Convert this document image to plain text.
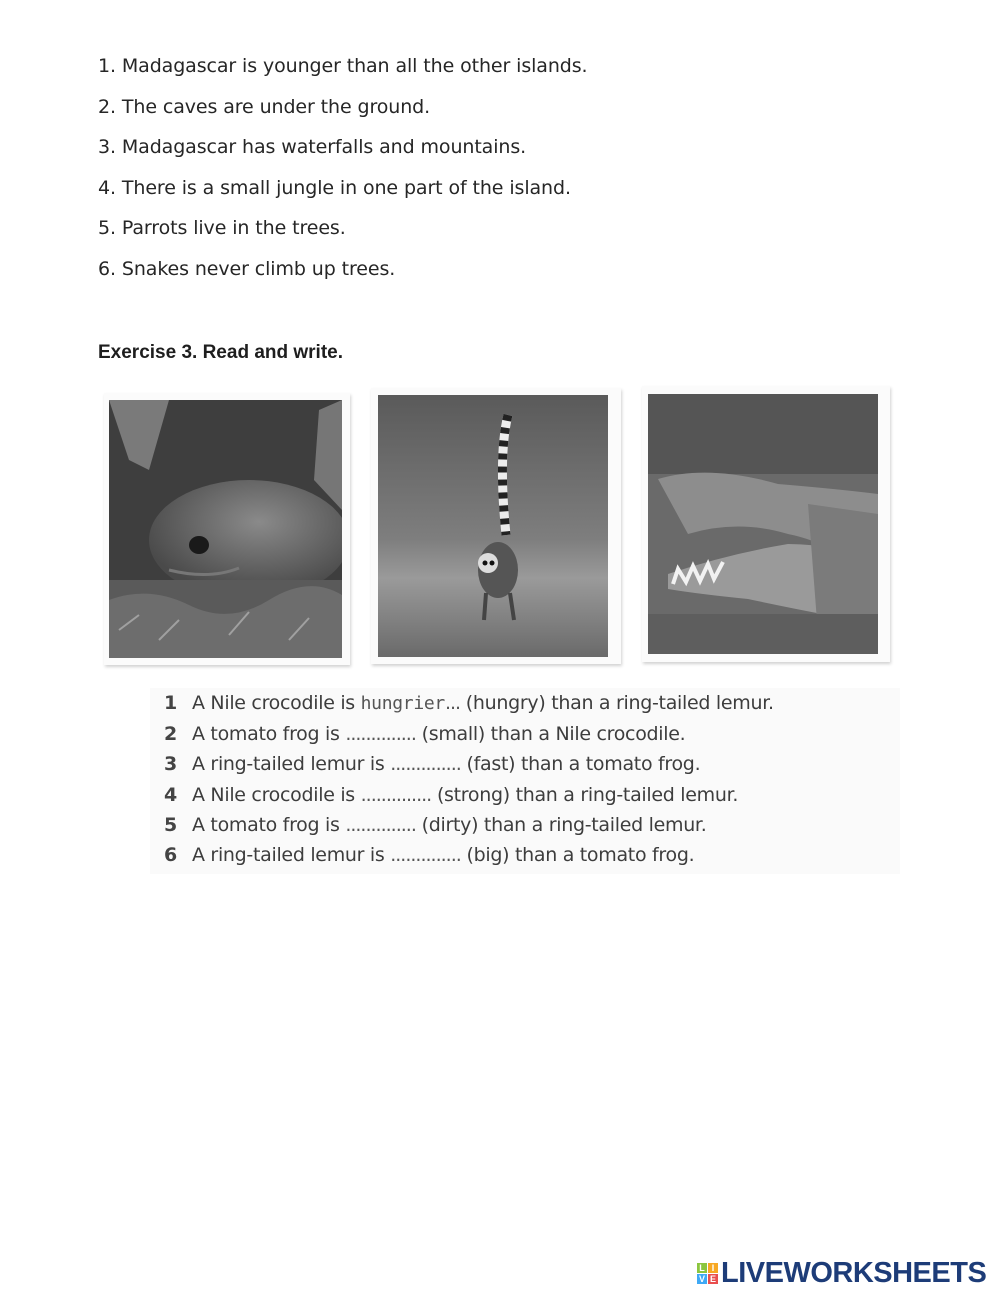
1. Madagascar is younger than all the other islands.
2. The caves are under the ground.
3. Madagascar has waterfalls and mountains.
4. There is a small jungle in one part of the island.
5. Parrots live in the trees.
6. Snakes never climb up trees.
Exercise 3. Read and write.
1 A Nile crocodile is hungrier... (hungry) than a ring-tailed lemur.
2 A tomato frog is .............. (small) than a Nile crocodile.
3 A ring-tailed lemur is .............. (fast) than a tomato frog.
4 A Nile crocodile is .............. (strong) than a ring-tailed lemur.
5 A tomato frog is .............. (dirty) than a ring-tailed lemur.
6 A ring-tailed lemur is .............. (big) than a tomato frog.
L I
V E LIVEWORKSHEETS
